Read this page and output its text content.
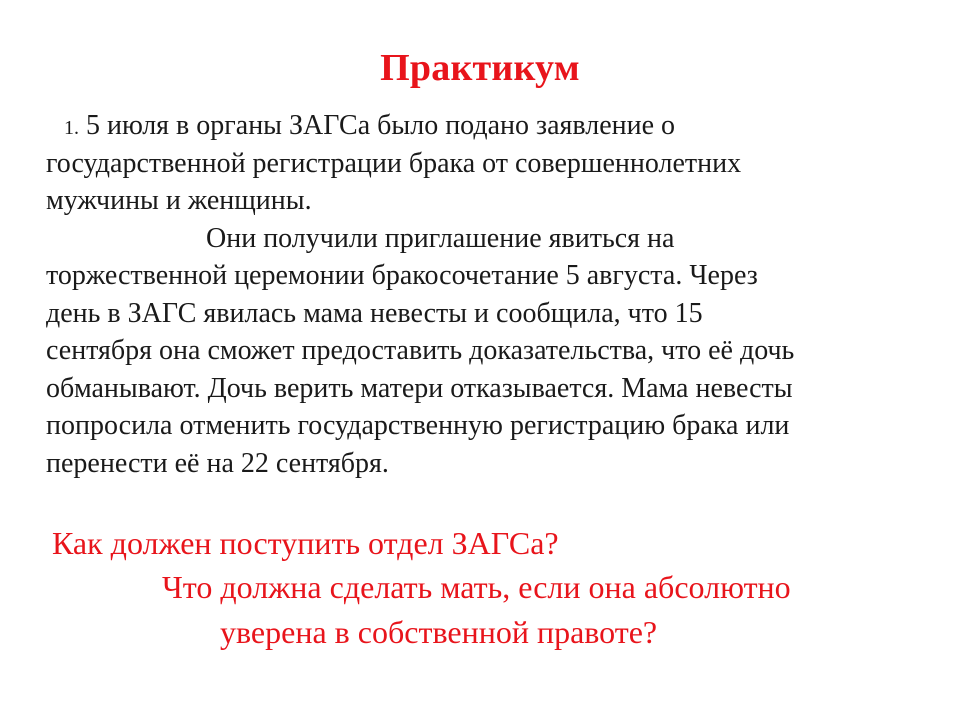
Практикум
1. 5 июля в органы ЗАГСа было подано заявление о
государственной регистрации брака от совершеннолетних
мужчины и женщины.
Они получили приглашение явиться на
торжественной церемонии бракосочетание 5 августа. Через
день в ЗАГС явилась мама невесты и сообщила, что 15
сентября она сможет предоставить доказательства, что её дочь
обманывают. Дочь верить матери отказывается. Мама невесты
попросила отменить государственную регистрацию брака или
перенести её на 22 сентября.
Как должен поступить отдел ЗАГСа?
Что должна сделать мать, если она абсолютно
уверена в собственной правоте?
